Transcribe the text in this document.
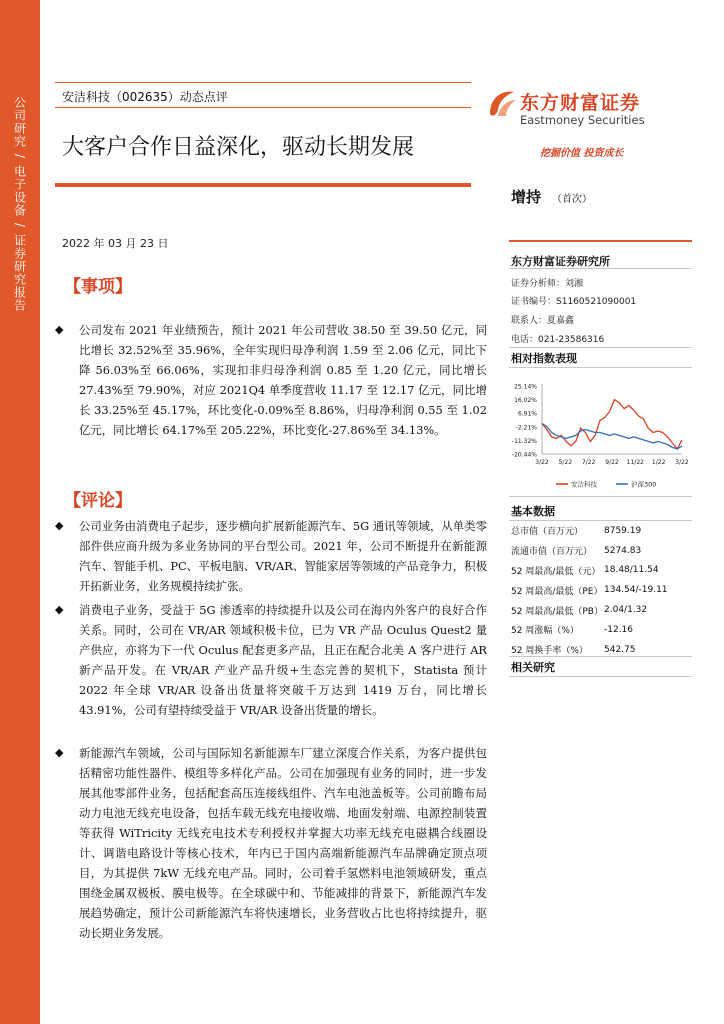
公司研究
/
电子设备
/
证券研究报告
安洁科技（002635）动态点评
大客户合作日益深化，驱动长期发展
2022 年 03 月 23 日
东方财富证券
Eastmoney Securities
挖掘价值 投资成长
增持 （首次）
东方财富证券研究所
证券分析师：刘湘
证书编号：S1160521090001
联系人：夏嘉鑫
电话：021-23586316
相对指数表现
25.14%
16.02%
6.91%
-2.21%
-11.32%
-20.44%
3/22 5/22 7/22 9/22 11/22 1/22 3/22
安洁科技	沪深300
基本数据
总市值（百万元）	8759.19
流通市值（百万元）	5274.83
52 周最高/最低（元）	18.48/11.54
52 周最高/最低（PE）	134.54/-19.11
52 周最高/最低（PB）	2.04/1.32
52 周涨幅（%）	-12.16
52 周换手率（%）	542.75
相关研究
【事项】
◆ 公司发布 2021 年业绩预告，预计 2021 年公司营收 38.50 至 39.50 亿元，同比增长 32.52%至 35.96%，全年实现归母净利润 1.59 至 2.06 亿元，同比下降 56.03%至 66.06%，实现扣非归母净利润 0.85 至 1.20 亿元，同比增长 27.43%至 79.90%，对应 2021Q4 单季度营收 11.17 至 12.17 亿元，同比增长 33.25%至 45.17%，环比变化-0.09%至 8.86%，归母净利润 0.55 至 1.02 亿元，同比增长 64.17%至 205.22%，环比变化-27.86%至 34.13%。
【评论】
◆ 公司业务由消费电子起步，逐步横向扩展新能源汽车、5G 通讯等领域，从单类零部件供应商升级为多业务协同的平台型公司。2021 年，公司不断提升在新能源汽车、智能手机、PC、平板电脑、VR/AR、智能家居等领域的产品竞争力，积极开拓新业务，业务规模持续扩张。
◆ 消费电子业务，受益于 5G 渗透率的持续提升以及公司在海内外客户的良好合作关系。同时，公司在 VR/AR 领域积极卡位，已为 VR 产品 Oculus Quest2 量产供应，亦将为下一代 Oculus 配套更多产品，且正在配合北美 A 客户进行 AR 新产品开发。在 VR/AR 产业产品升级+生态完善的契机下，Statista 预计 2022 年全球 VR/AR 设备出货量将突破千万达到 1419 万台，同比增长 43.91%，公司有望持续受益于 VR/AR 设备出货量的增长。
◆ 新能源汽车领域，公司与国际知名新能源车厂建立深度合作关系，为客户提供包括精密功能性器件、模组等多样化产品。公司在加强现有业务的同时，进一步发展其他零部件业务，包括配套高压连接线组件、汽车电池盖板等。公司前瞻布局动力电池无线充电设备，包括车载无线充电接收端、地面发射端、电源控制装置等获得 WiTricity 无线充电技术专利授权并掌握大功率无线充电磁耦合线圈设计、调谐电路设计等核心技术，年内已于国内高端新能源汽车品牌确定顶点项目，为其提供 7kW 无线充电产品。同时，公司着手氢燃料电池领域研发，重点围绕金属双极板、膜电极等。在全球碳中和、节能减排的背景下，新能源汽车发展趋势确定，预计公司新能源汽车将快速增长，业务营收占比也将持续提升，驱动长期业务发展。
